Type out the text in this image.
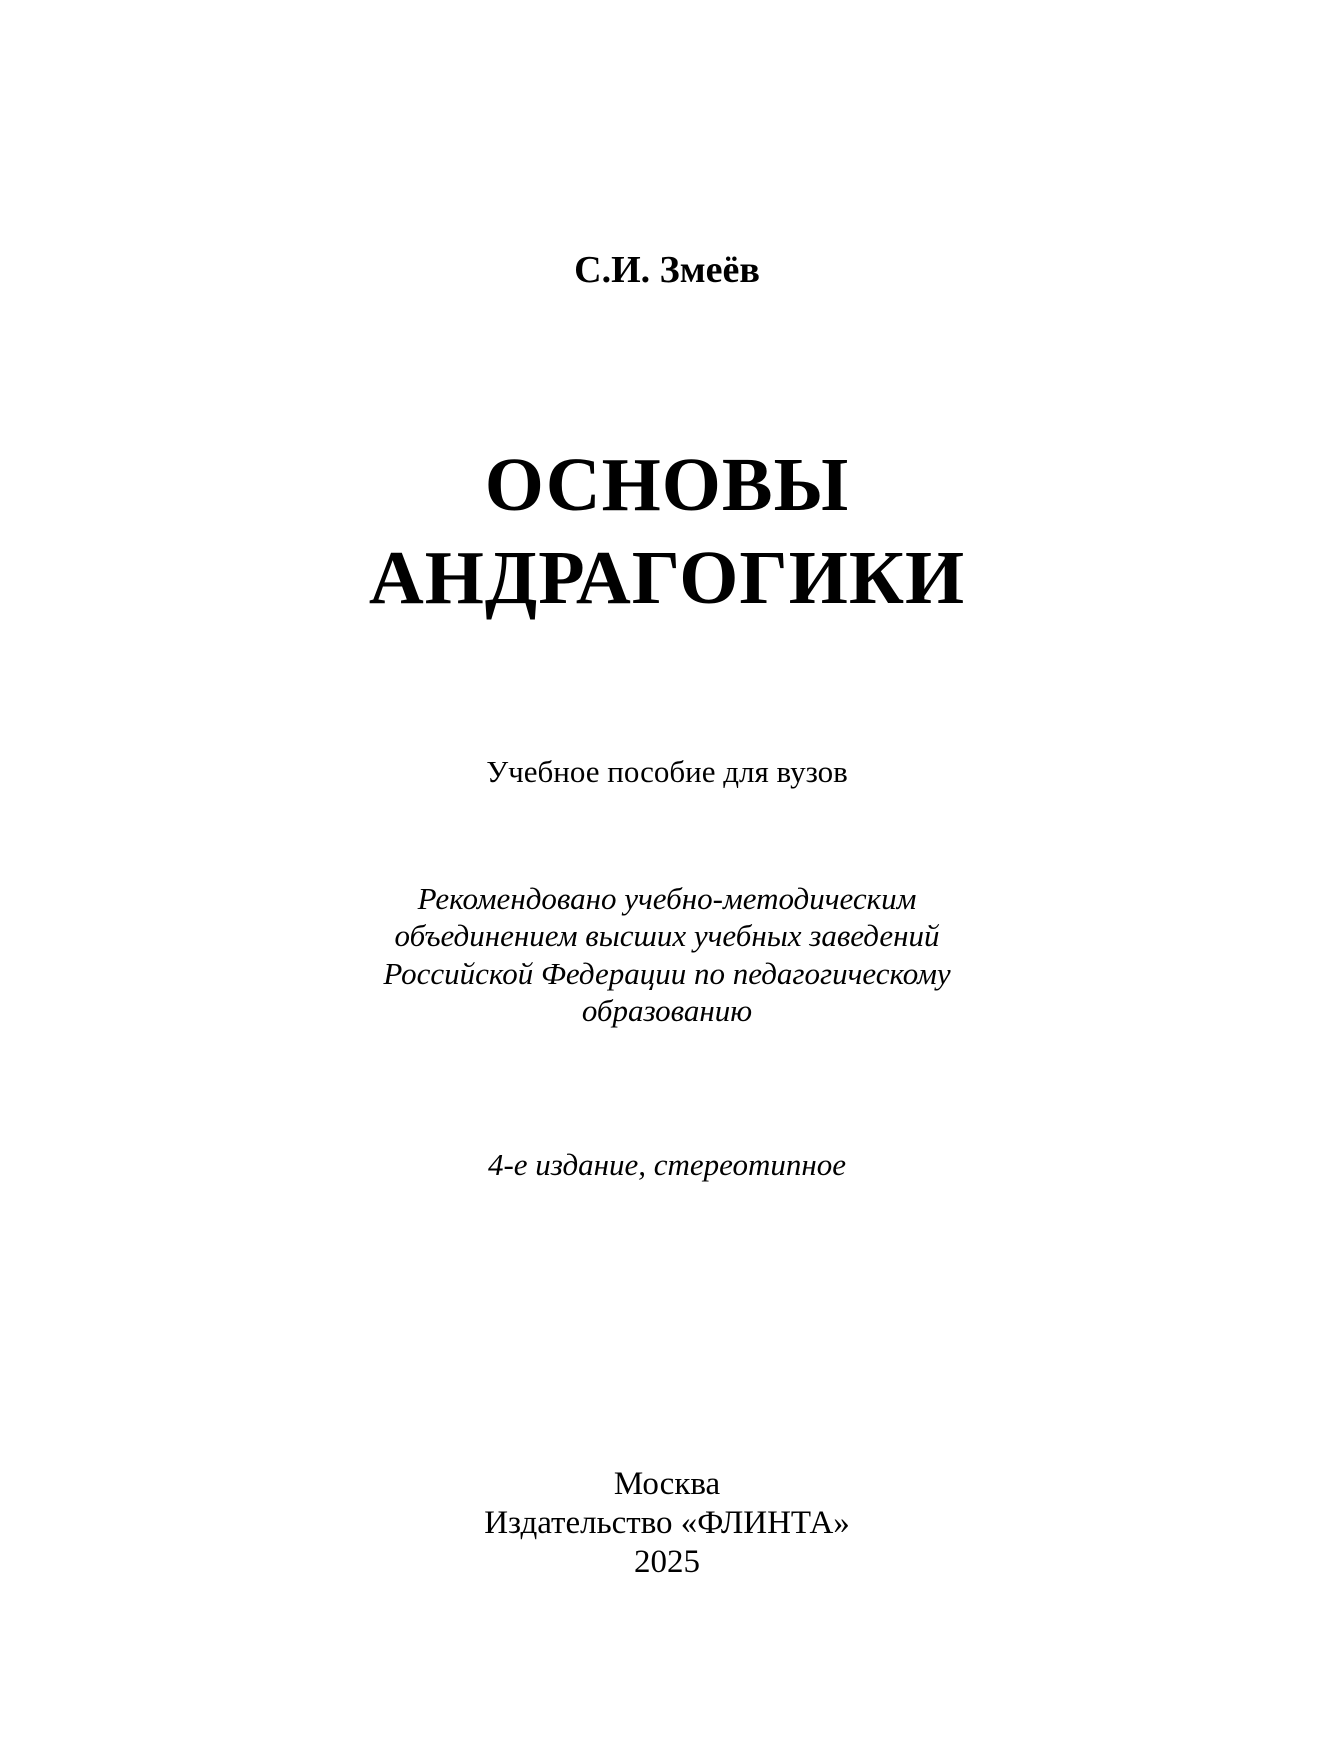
С.И. Змеёв
ОСНОВЫ
АНДРАГОГИКИ
Учебное пособие для вузов
Рекомендовано учебно-методическим
объединением высших учебных заведений
Российской Федерации по педагогическому
образованию
4-е издание, стереотипное
Москва
Издательство «ФЛИНТА»
2025
